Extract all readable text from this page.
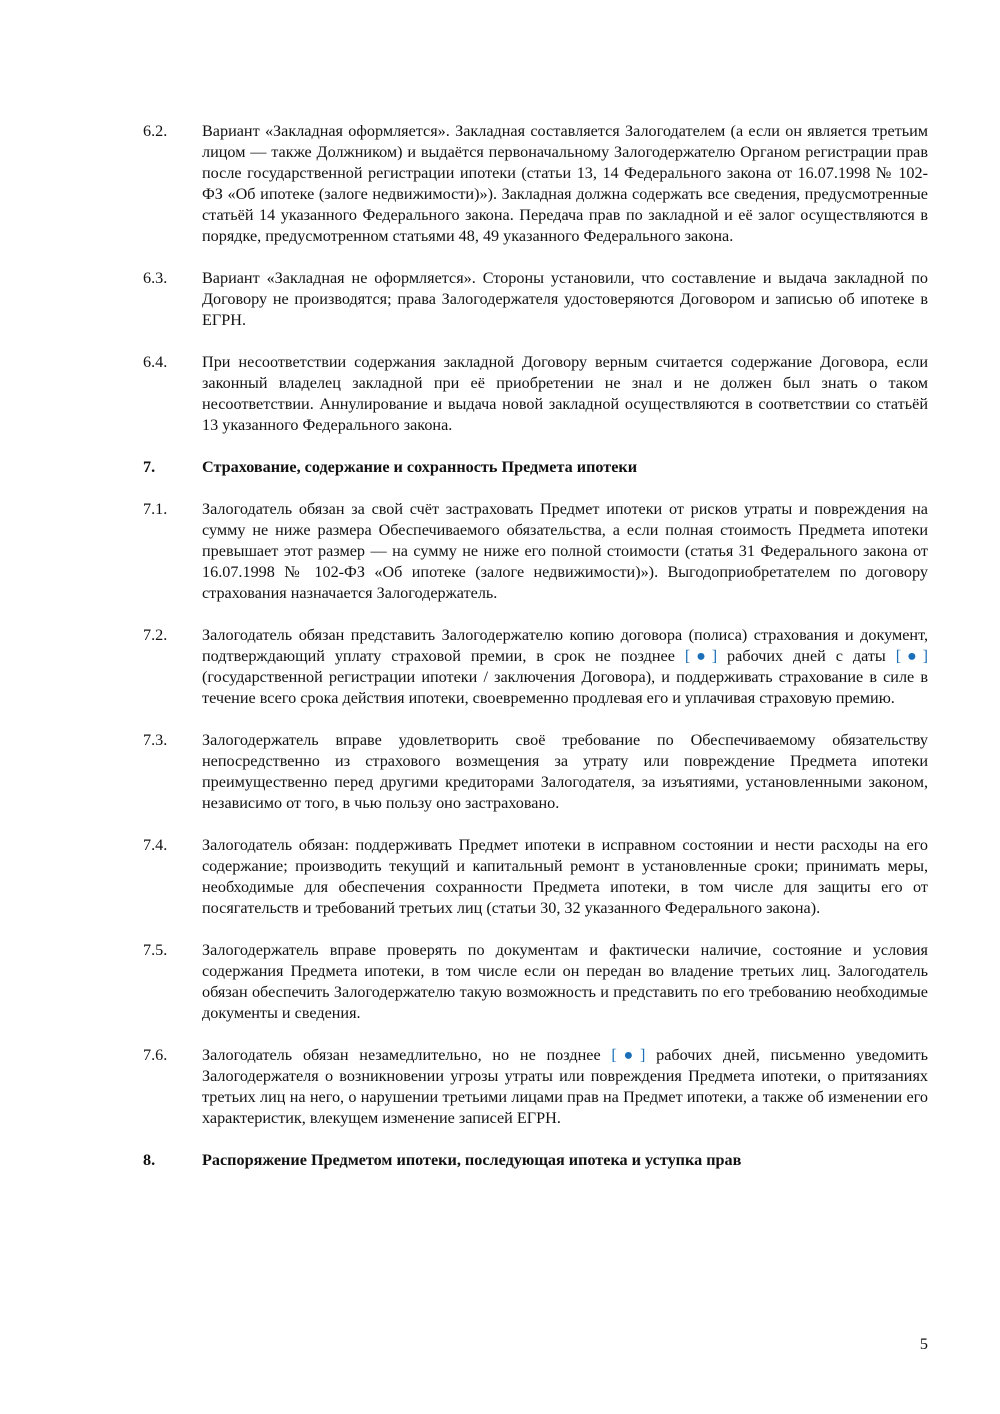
6.2.	Вариант «Закладная оформляется». Закладная составляется Залогодателем (а если он является третьим лицом — также Должником) и выдаётся первоначальному Залогодержателю Органом регистрации прав после государственной регистрации ипотеки (статьи 13, 14 Федерального закона от 16.07.1998 № 102-ФЗ «Об ипотеке (залоге недвижимости)»). Закладная должна содержать все сведения, предусмотренные статьёй 14 указанного Федерального закона. Передача прав по закладной и её залог осуществляются в порядке, предусмотренном статьями 48, 49 указанного Федерального закона.
6.3.	Вариант «Закладная не оформляется». Стороны установили, что составление и выдача закладной по Договору не производятся; права Залогодержателя удостоверяются Договором и записью об ипотеке в ЕГРН.
6.4.	При несоответствии содержания закладной Договору верным считается содержание Договора, если законный владелец закладной при её приобретении не знал и не должен был знать о таком несоответствии. Аннулирование и выдача новой закладной осуществляются в соответствии со статьёй 13 указанного Федерального закона.
7.	Страхование, содержание и сохранность Предмета ипотеки
7.1.	Залогодатель обязан за свой счёт застраховать Предмет ипотеки от рисков утраты и повреждения на сумму не ниже размера Обеспечиваемого обязательства, а если полная стоимость Предмета ипотеки превышает этот размер — на сумму не ниже его полной стоимости (статья 31 Федерального закона от 16.07.1998 № 102-ФЗ «Об ипотеке (залоге недвижимости)»). Выгодоприобретателем по договору страхования назначается Залогодержатель.
7.2.	Залогодатель обязан представить Залогодержателю копию договора (полиса) страхования и документ, подтверждающий уплату страховой премии, в срок не позднее [●] рабочих дней с даты [●] (государственной регистрации ипотеки / заключения Договора), и поддерживать страхование в силе в течение всего срока действия ипотеки, своевременно продлевая его и уплачивая страховую премию.
7.3.	Залогодержатель вправе удовлетворить своё требование по Обеспечиваемому обязательству непосредственно из страхового возмещения за утрату или повреждение Предмета ипотеки преимущественно перед другими кредиторами Залогодателя, за изъятиями, установленными законом, независимо от того, в чью пользу оно застраховано.
7.4.	Залогодатель обязан: поддерживать Предмет ипотеки в исправном состоянии и нести расходы на его содержание; производить текущий и капитальный ремонт в установленные сроки; принимать меры, необходимые для обеспечения сохранности Предмета ипотеки, в том числе для защиты его от посягательств и требований третьих лиц (статьи 30, 32 указанного Федерального закона).
7.5.	Залогодержатель вправе проверять по документам и фактически наличие, состояние и условия содержания Предмета ипотеки, в том числе если он передан во владение третьих лиц. Залогодатель обязан обеспечить Залогодержателю такую возможность и представить по его требованию необходимые документы и сведения.
7.6.	Залогодатель обязан незамедлительно, но не позднее [●] рабочих дней, письменно уведомить Залогодержателя о возникновении угрозы утраты или повреждения Предмета ипотеки, о притязаниях третьих лиц на него, о нарушении третьими лицами прав на Предмет ипотеки, а также об изменении его характеристик, влекущем изменение записей ЕГРН.
8.	Распоряжение Предметом ипотеки, последующая ипотека и уступка прав
5
